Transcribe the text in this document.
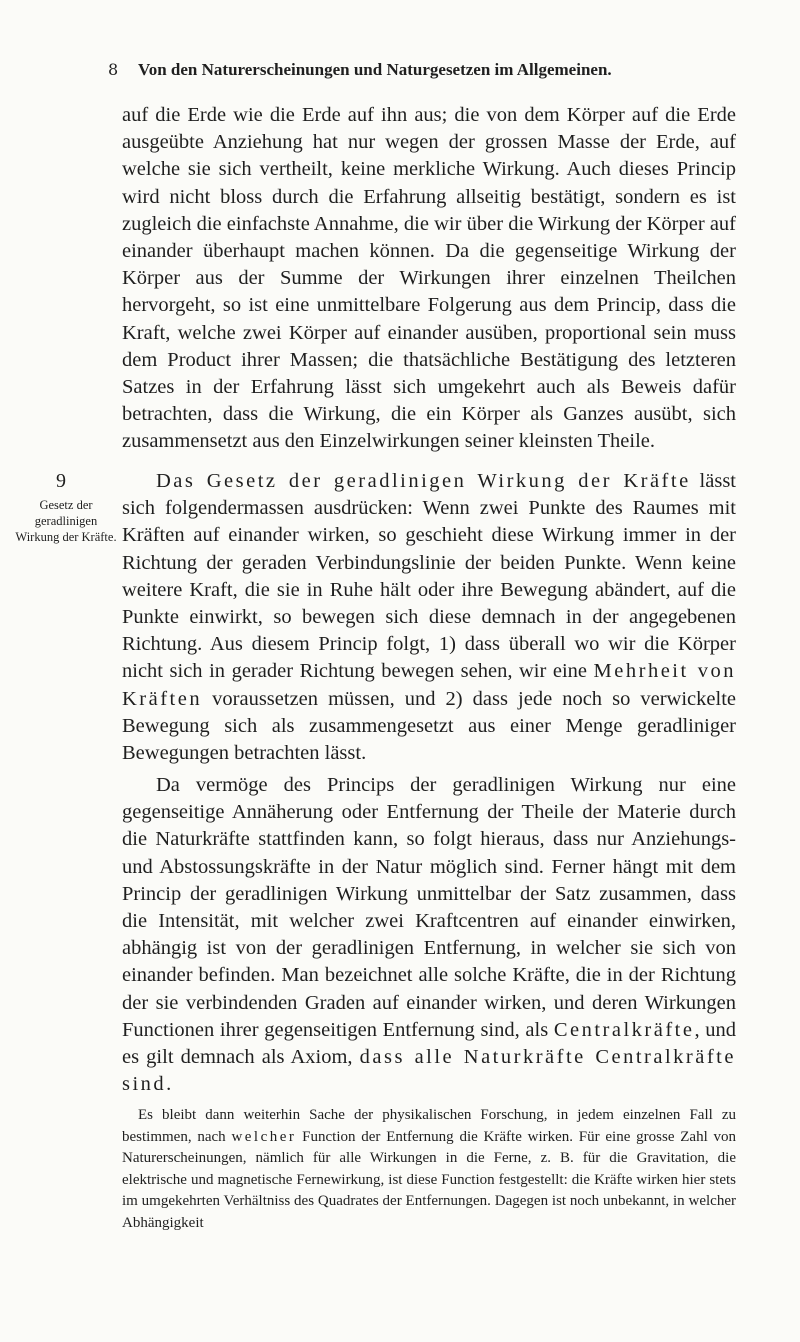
8 Von den Naturerscheinungen und Naturgesetzen im Allgemeinen.

auf die Erde wie die Erde auf ihn aus; die von dem Körper auf die Erde ausgeübte Anziehung hat nur wegen der grossen Masse der Erde, auf welche sie sich vertheilt, keine merkliche Wirkung. Auch dieses Princip wird nicht bloss durch die Erfahrung allseitig bestätigt, sondern es ist zugleich die einfachste Annahme, die wir über die Wirkung der Körper auf einander überhaupt machen können. Da die gegenseitige Wirkung der Körper aus der Summe der Wirkungen ihrer einzelnen Theilchen hervorgeht, so ist eine unmittelbare Folgerung aus dem Princip, dass die Kraft, welche zwei Körper auf einander ausüben, proportional sein muss dem Product ihrer Massen; die thatsächliche Bestätigung des letzteren Satzes in der Erfahrung lässt sich umgekehrt auch als Beweis dafür betrachten, dass die Wirkung, die ein Körper als Ganzes ausübt, sich zusammensetzt aus den Einzelwirkungen seiner kleinsten Theile.

9
Gesetz der geradlinigen Wirkung der Kräfte.

Das Gesetz der geradlinigen Wirkung der Kräfte lässt sich folgendermassen ausdrücken: Wenn zwei Punkte des Raumes mit Kräften auf einander wirken, so geschieht diese Wirkung immer in der Richtung der geraden Verbindungslinie der beiden Punkte. Wenn keine weitere Kraft, die sie in Ruhe hält oder ihre Bewegung abändert, auf die Punkte einwirkt, so bewegen sich diese demnach in der angegebenen Richtung. Aus diesem Princip folgt, 1) dass überall wo wir die Körper nicht sich in gerader Richtung bewegen sehen, wir eine Mehrheit von Kräften voraussetzen müssen, und 2) dass jede noch so verwickelte Bewegung sich als zusammengesetzt aus einer Menge geradliniger Bewegungen betrachten lässt.

Da vermöge des Princips der geradlinigen Wirkung nur eine gegenseitige Annäherung oder Entfernung der Theile der Materie durch die Naturkräfte stattfinden kann, so folgt hieraus, dass nur Anziehungs- und Abstossungskräfte in der Natur möglich sind. Ferner hängt mit dem Princip der geradlinigen Wirkung unmittelbar der Satz zusammen, dass die Intensität, mit welcher zwei Kraftcentren auf einander einwirken, abhängig ist von der geradlinigen Entfernung, in welcher sie sich von einander befinden. Man bezeichnet alle solche Kräfte, die in der Richtung der sie verbindenden Graden auf einander wirken, und deren Wirkungen Functionen ihrer gegenseitigen Entfernung sind, als Centralkräfte, und es gilt demnach als Axiom, dass alle Naturkräfte Centralkräfte sind.

Es bleibt dann weiterhin Sache der physikalischen Forschung, in jedem einzelnen Fall zu bestimmen, nach welcher Function der Entfernung die Kräfte wirken. Für eine grosse Zahl von Naturerscheinungen, nämlich für alle Wirkungen in die Ferne, z. B. für die Gravitation, die elektrische und magnetische Fernewirkung, ist diese Function festgestellt: die Kräfte wirken hier stets im umgekehrten Verhältniss des Quadrates der Entfernungen. Dagegen ist noch unbekannt, in welcher Abhängigkeit
